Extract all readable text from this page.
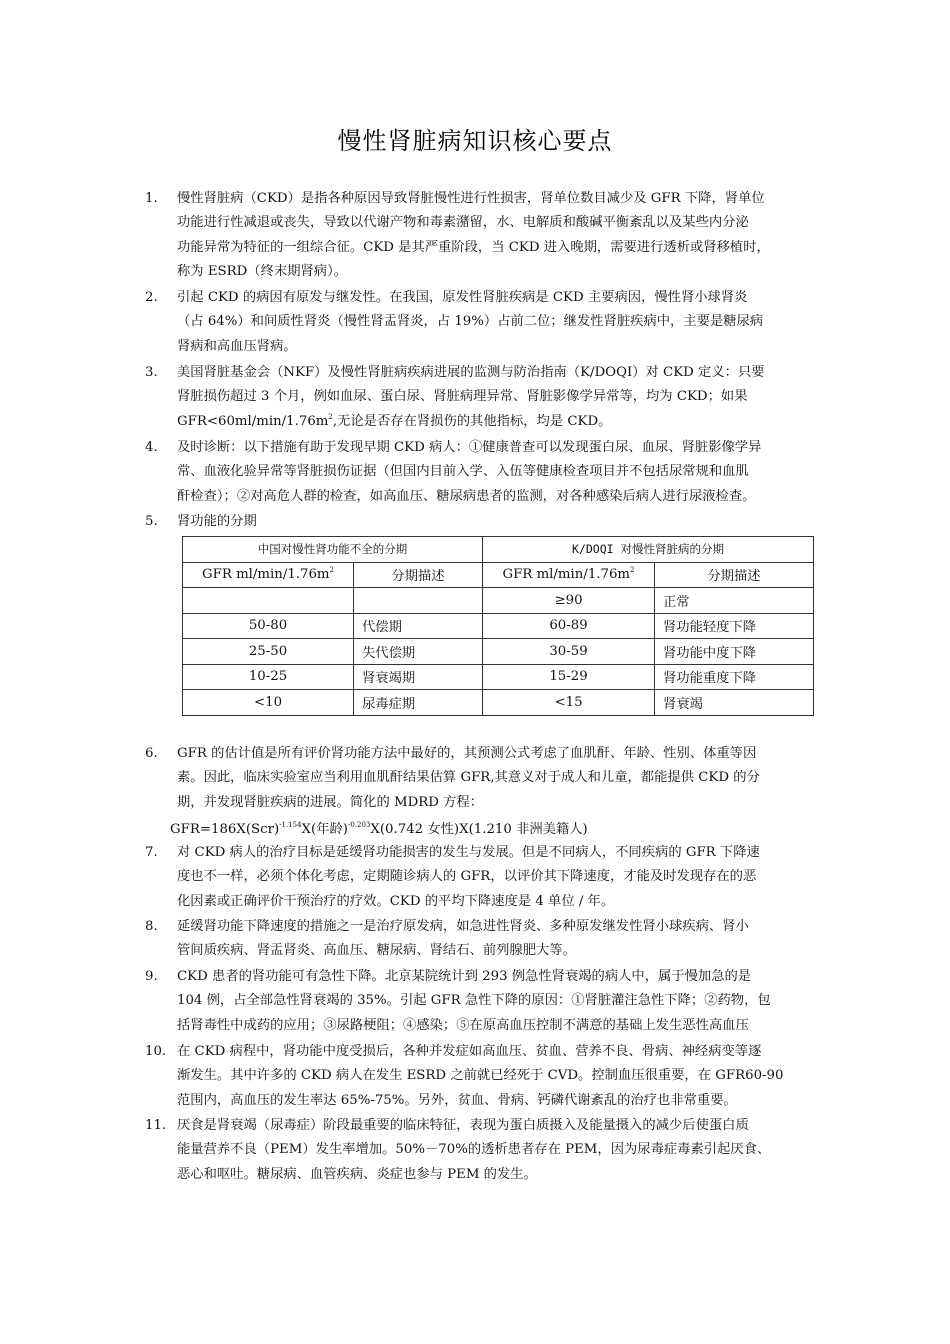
慢性肾脏病知识核心要点
1. 慢性肾脏病（CKD）是指各种原因导致肾脏慢性进行性损害，肾单位数目减少及 GFR 下降，肾单位
功能进行性减退或丧失，导致以代谢产物和毒素潴留，水、电解质和酸碱平衡紊乱以及某些内分泌
功能异常为特征的一组综合征。CKD 是其严重阶段，当 CKD 进入晚期，需要进行透析或肾移植时，
称为 ESRD（终末期肾病）。
2. 引起 CKD 的病因有原发与继发性。在我国，原发性肾脏疾病是 CKD 主要病因，慢性肾小球肾炎
（占 64%）和间质性肾炎（慢性肾盂肾炎，占 19%）占前二位；继发性肾脏疾病中，主要是糖尿病
肾病和高血压肾病。
3. 美国肾脏基金会（NKF）及慢性肾脏病疾病进展的监测与防治指南（K/DOQI）对 CKD 定义：只要
肾脏损伤超过 3 个月，例如血尿、蛋白尿、肾脏病理异常、肾脏影像学异常等，均为 CKD；如果
$GFR<60ml/\min/1.76m^2$,无论是否存在肾损伤的其他指标，均是 CKD。
4. 及时诊断：以下措施有助于发现早期 CKD 病人：①健康普查可以发现蛋白尿、血尿、肾脏影像学异
常、血液化验异常等肾脏损伤证据（但国内目前入学、入伍等健康检查项目并不包括尿常规和血肌
酐检查）；②对高危人群的检查，如高血压、糖尿病患者的监测，对各种感染后病人进行尿液检查。
5. 肾功能的分期
中国对慢性肾功能不全的分期		K/DOQI 对慢性肾脏病的分期	
GFR $ml/\min/1.76m^2$	分期描述	GFR $ml/\min/1.76m^2$	分期描述
		≥90	正常
50-80	代偿期	60-89	肾功能轻度下降
25-50	失代偿期	30-59	肾功能中度下降
10-25	肾衰竭期	15-29	肾功能重度下降
<10	尿毒症期	<15	肾衰竭
6. GFR 的估计值是所有评价肾功能方法中最好的，其预测公式考虑了血肌酐、年龄、性别、体重等因
素。因此，临床实验室应当利用血肌酐结果估算 GFR,其意义对于成人和儿童，都能提供 CKD 的分
期，并发现肾脏疾病的进展。简化的 MDRD 方程：
GFR=186X(Scr)$^{-1.154}$X(年龄)$^{-0.203}$X(0.742 女性)X(1.210 非洲美籍人)
7. 对 CKD 病人的治疗目标是延缓肾功能损害的发生与发展。但是不同病人，不同疾病的 GFR 下降速
度也不一样，必须个体化考虑，定期随诊病人的 GFR，以评价其下降速度，才能及时发现存在的恶
化因素或正确评价干预治疗的疗效。CKD 的平均下降速度是 4 单位 / 年。
8. 延缓肾功能下降速度的措施之一是治疗原发病，如急进性肾炎、多种原发继发性肾小球疾病、肾小
管间质疾病、肾盂肾炎、高血压、糖尿病、肾结石、前列腺肥大等。
9. CKD 患者的肾功能可有急性下降。北京某院统计到 293 例急性肾衰竭的病人中，属于慢加急的是
104 例，占全部急性肾衰竭的 35%。引起 GFR 急性下降的原因：①肾脏灌注急性下降；②药物，包
括肾毒性中成药的应用；③尿路梗阻；④感染；⑤在原高血压控制不满意的基础上发生恶性高血压
10. 在 CKD 病程中，肾功能中度受损后，各种并发症如高血压、贫血、营养不良、骨病、神经病变等逐
渐发生。其中许多的 CKD 病人在发生 ESRD 之前就已经死于 CVD。控制血压很重要，在 GFR60-90
范围内，高血压的发生率达 65%-75%。另外，贫血、骨病、钙磷代谢紊乱的治疗也非常重要。
11. 厌食是肾衰竭（尿毒症）阶段最重要的临床特征，表现为蛋白质摄入及能量摄入的减少后使蛋白质
能量营养不良（PEM）发生率增加。50%－70%的透析患者存在 PEM，因为尿毒症毒素引起厌食、
恶心和呕吐。糖尿病、血管疾病、炎症也参与 PEM 的发生。
